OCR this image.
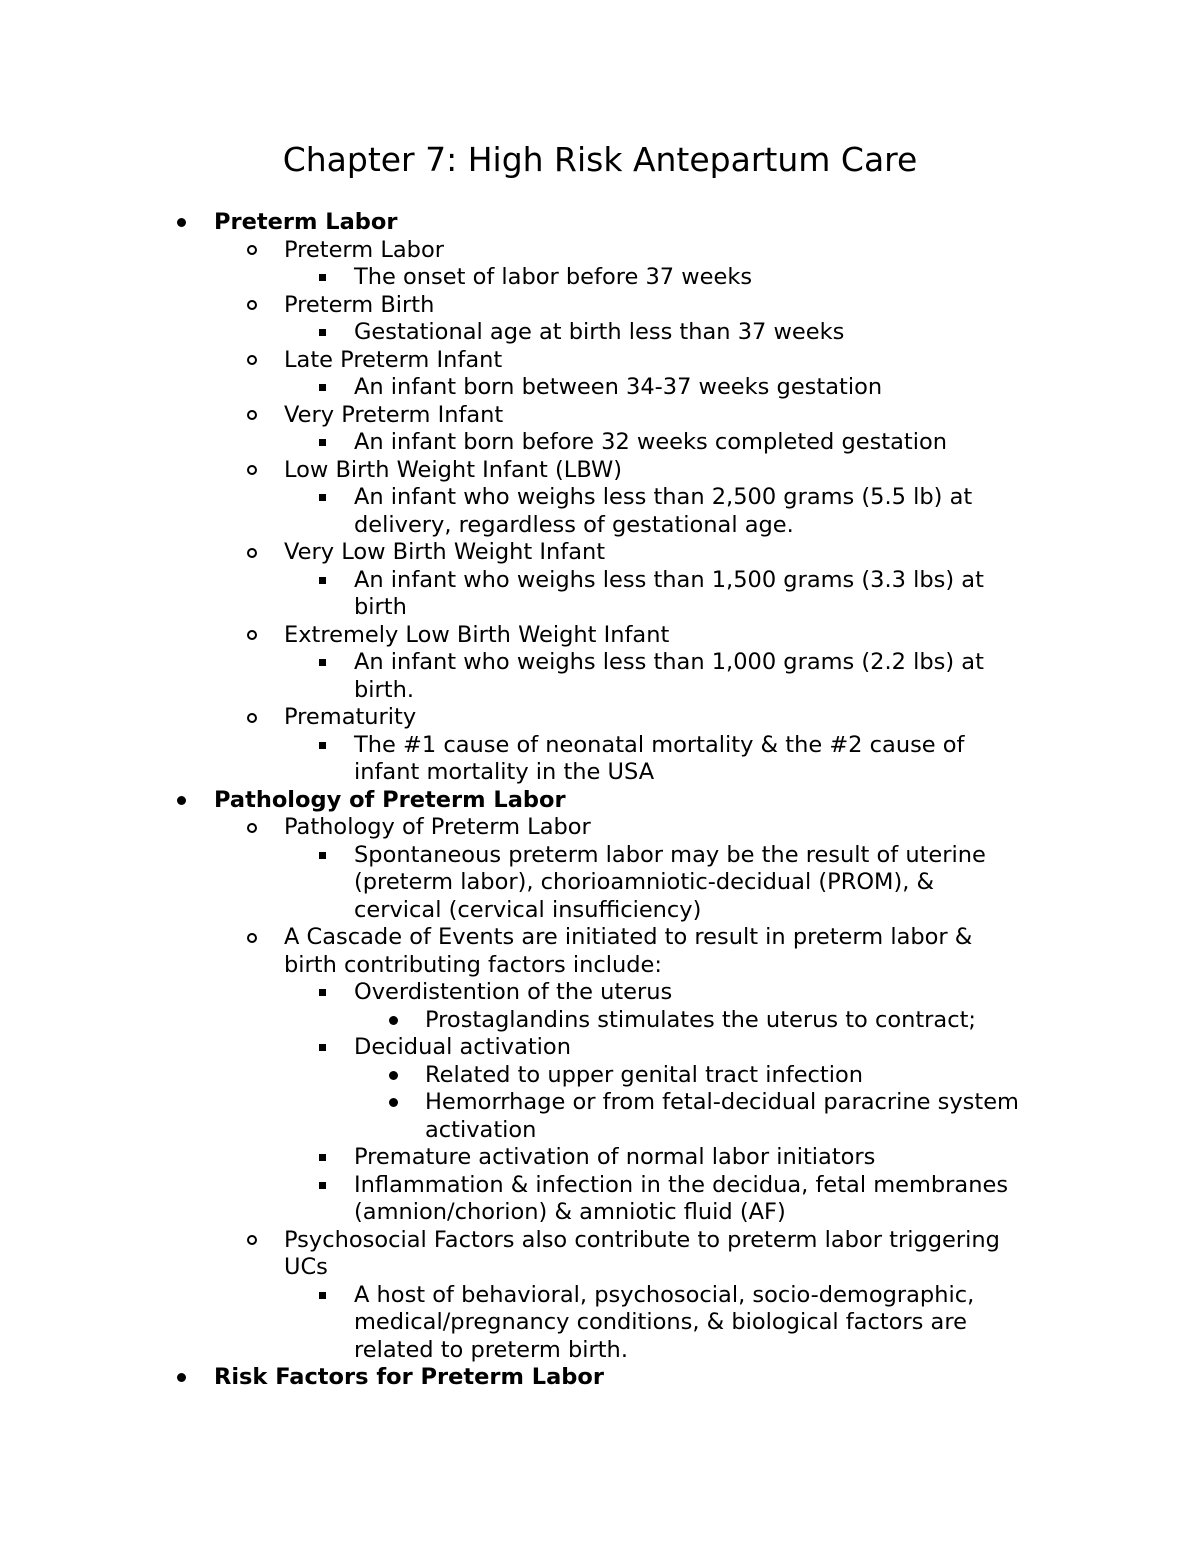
Chapter 7: High Risk Antepartum Care
Preterm Labor
Preterm Labor
The onset of labor before 37 weeks
Preterm Birth
Gestational age at birth less than 37 weeks
Late Preterm Infant
An infant born between 34-37 weeks gestation
Very Preterm Infant
An infant born before 32 weeks completed gestation
Low Birth Weight Infant (LBW)
An infant who weighs less than 2,500 grams (5.5 lb) at
delivery, regardless of gestational age.
Very Low Birth Weight Infant
An infant who weighs less than 1,500 grams (3.3 lbs) at
birth
Extremely Low Birth Weight Infant
An infant who weighs less than 1,000 grams (2.2 lbs) at
birth.
Prematurity
The #1 cause of neonatal mortality & the #2 cause of
infant mortality in the USA
Pathology of Preterm Labor
Pathology of Preterm Labor
Spontaneous preterm labor may be the result of uterine
(preterm labor), chorioamniotic-decidual (PROM), &
cervical (cervical insufficiency)
A Cascade of Events are initiated to result in preterm labor &
birth contributing factors include:
Overdistention of the uterus
Prostaglandins stimulates the uterus to contract;
Decidual activation
Related to upper genital tract infection
Hemorrhage or from fetal-decidual paracrine system
activation
Premature activation of normal labor initiators
Inflammation & infection in the decidua, fetal membranes
(amnion/chorion) & amniotic fluid (AF)
Psychosocial Factors also contribute to preterm labor triggering
UCs
A host of behavioral, psychosocial, socio-demographic,
medical/pregnancy conditions, & biological factors are
related to preterm birth.
Risk Factors for Preterm Labor
